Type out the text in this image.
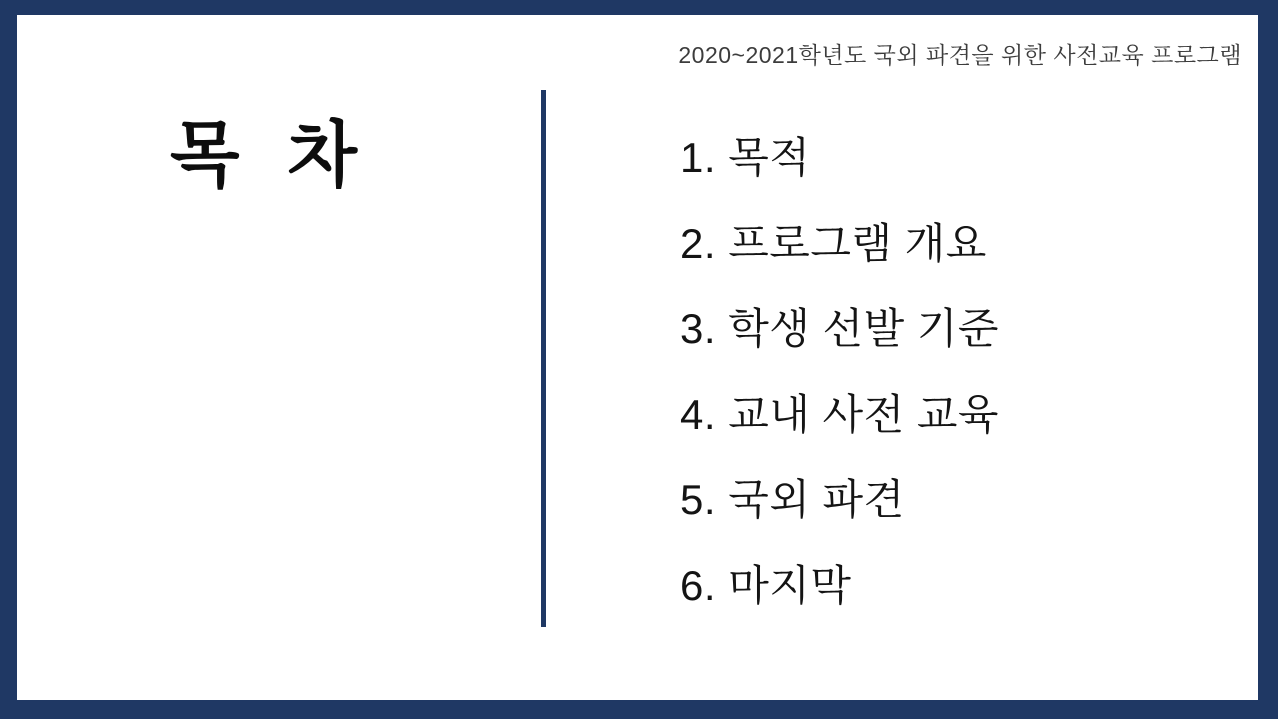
2020~2021학년도 국외 파견을 위한 사전교육 프로그램
목 차	1. 목적
2. 프로그램 개요
3. 학생 선발 기준
4. 교내 사전 교육
5. 국외 파견
6. 마지막
